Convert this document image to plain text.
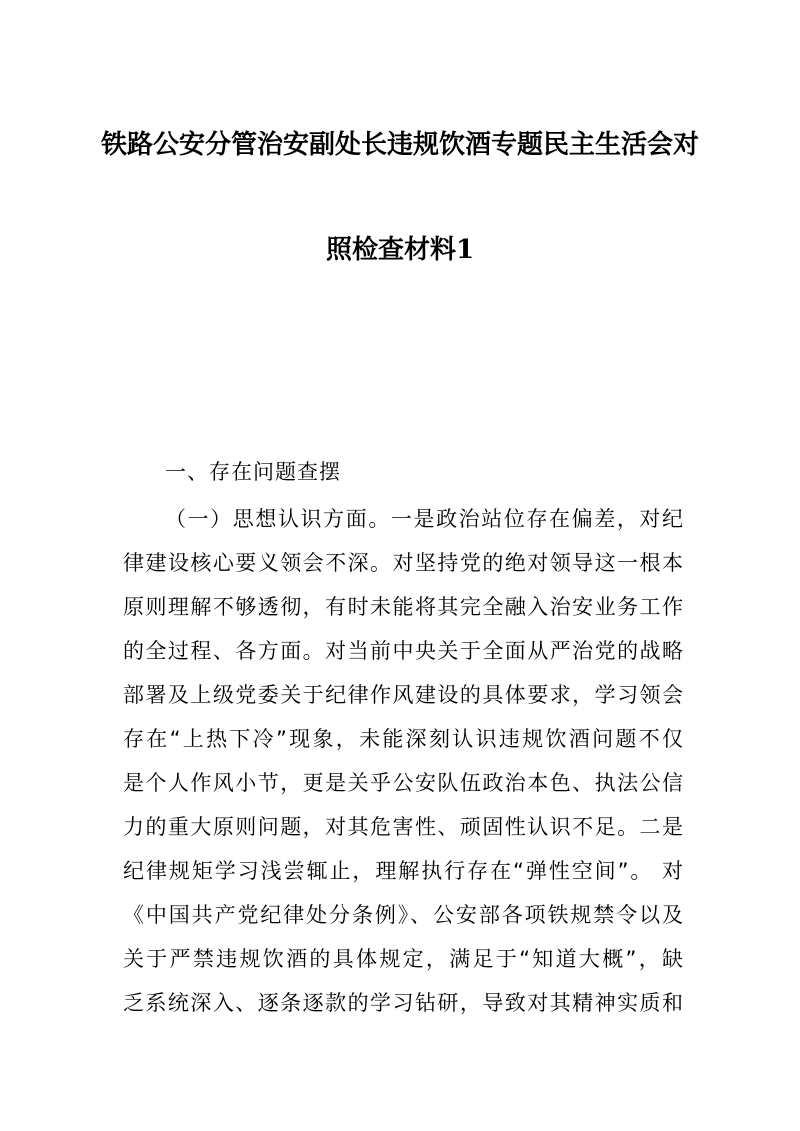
铁路公安分管治安副处长违规饮酒专题民主生活会对
照检查材料1
一、存在问题查摆
（一）思想认识方面。一是政治站位存在偏差，对纪
律建设核心要义领会不深。对坚持党的绝对领导这一根本
原则理解不够透彻，有时未能将其完全融入治安业务工作
的全过程、各方面。对当前中央关于全面从严治党的战略
部署及上级党委关于纪律作风建设的具体要求，学习领会
存在“上热下冷”现象，未能深刻认识违规饮酒问题不仅
是个人作风小节，更是关乎公安队伍政治本色、执法公信
力的重大原则问题，对其危害性、顽固性认识不足。二是
纪律规矩学习浅尝辄止，理解执行存在“弹性空间”。 对
《中国共产党纪律处分条例》、公安部各项铁规禁令以及
关于严禁违规饮酒的具体规定，满足于“知道大概”，缺
乏系统深入、逐条逐款的学习钻研，导致对其精神实质和
